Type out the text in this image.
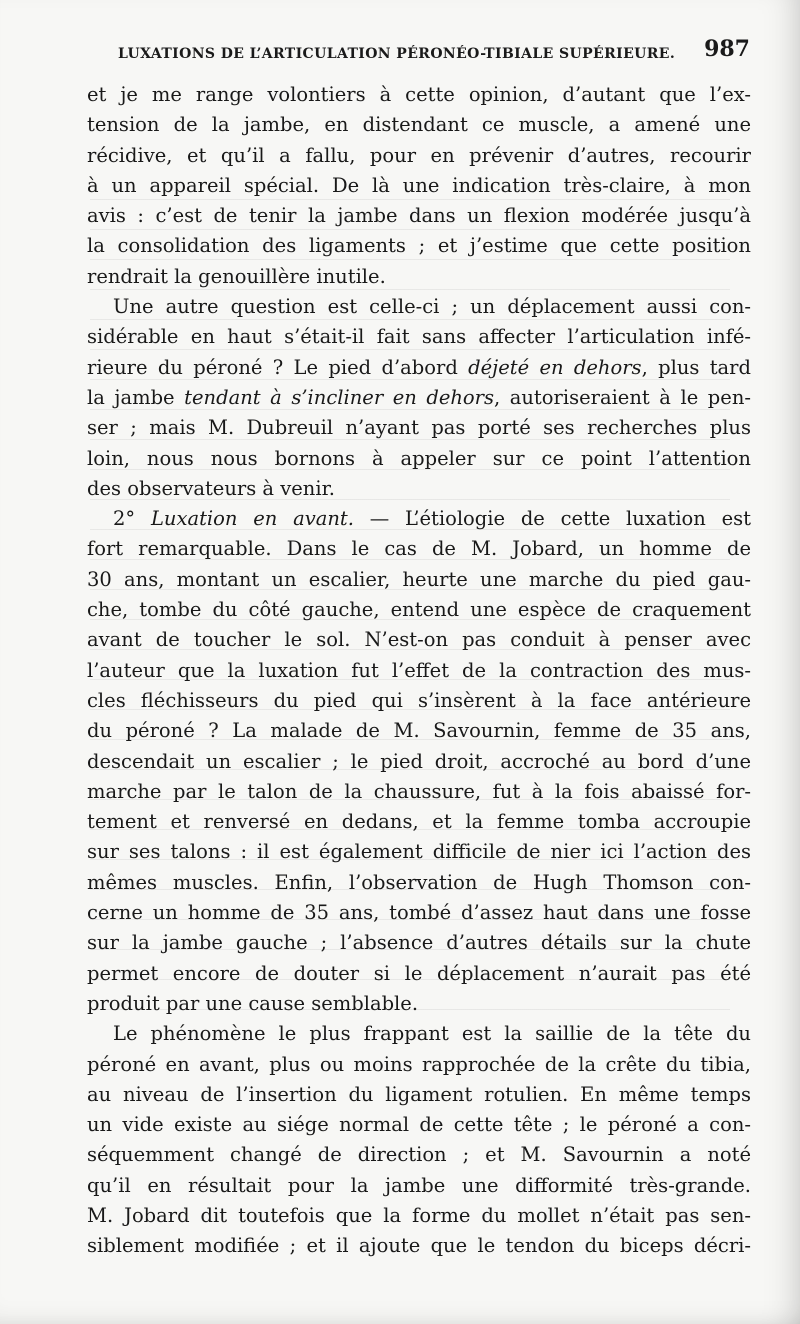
LUXATIONS DE L’ARTICULATION PÉRONÉO-TIBIALE SUPÉRIEURE. 987
et je me range volontiers à cette opinion, d’autant que l’ex-
tension de la jambe, en distendant ce muscle, a amené une
récidive, et qu’il a fallu, pour en prévenir d’autres, recourir
à un appareil spécial. De là une indication très-claire, à mon
avis : c’est de tenir la jambe dans un flexion modérée jusqu’à
la consolidation des ligaments ; et j’estime que cette position
rendrait la genouillère inutile.
Une autre question est celle-ci ; un déplacement aussi con-
sidérable en haut s’était-il fait sans affecter l’articulation infé-
rieure du péroné ? Le pied d’abord déjeté en dehors, plus tard
la jambe tendant à s’incliner en dehors, autoriseraient à le pen-
ser ; mais M. Dubreuil n’ayant pas porté ses recherches plus
loin, nous nous bornons à appeler sur ce point l’attention
des observateurs à venir.
2° Luxation en avant. — L’étiologie de cette luxation est
fort remarquable. Dans le cas de M. Jobard, un homme de
30 ans, montant un escalier, heurte une marche du pied gau-
che, tombe du côté gauche, entend une espèce de craquement
avant de toucher le sol. N’est-on pas conduit à penser avec
l’auteur que la luxation fut l’effet de la contraction des mus-
cles fléchisseurs du pied qui s’insèrent à la face antérieure
du péroné ? La malade de M. Savournin, femme de 35 ans,
descendait un escalier ; le pied droit, accroché au bord d’une
marche par le talon de la chaussure, fut à la fois abaissé for-
tement et renversé en dedans, et la femme tomba accroupie
sur ses talons : il est également difficile de nier ici l’action des
mêmes muscles. Enfin, l’observation de Hugh Thomson con-
cerne un homme de 35 ans, tombé d’assez haut dans une fosse
sur la jambe gauche ; l’absence d’autres détails sur la chute
permet encore de douter si le déplacement n’aurait pas été
produit par une cause semblable.
Le phénomène le plus frappant est la saillie de la tête du
péroné en avant, plus ou moins rapprochée de la crête du tibia,
au niveau de l’insertion du ligament rotulien. En même temps
un vide existe au siége normal de cette tête ; le péroné a con-
séquemment changé de direction ; et M. Savournin a noté
qu’il en résultait pour la jambe une difformité très-grande.
M. Jobard dit toutefois que la forme du mollet n’était pas sen-
siblement modifiée ; et il ajoute que le tendon du biceps décri-
